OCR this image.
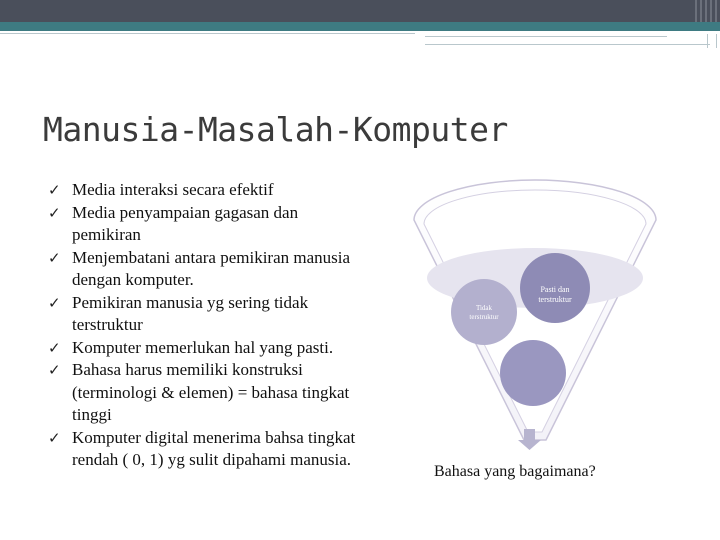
Manusia-Masalah-Komputer
✓ Media interaksi secara efektif
✓ Media penyampaian gagasan dan pemikiran
✓ Menjembatani antara pemikiran manusia dengan komputer.
✓ Pemikiran manusia yg sering tidak terstruktur
✓ Komputer memerlukan hal yang pasti.
✓ Bahasa harus memiliki konstruksi (terminologi & elemen) = bahasa tingkat tinggi
✓ Komputer digital menerima bahsa tingkat rendah ( 0, 1) yg sulit dipahami manusia.
Tidak
terstruktur
Pasti dan
terstruktur
Bahasa yang bagaimana?
